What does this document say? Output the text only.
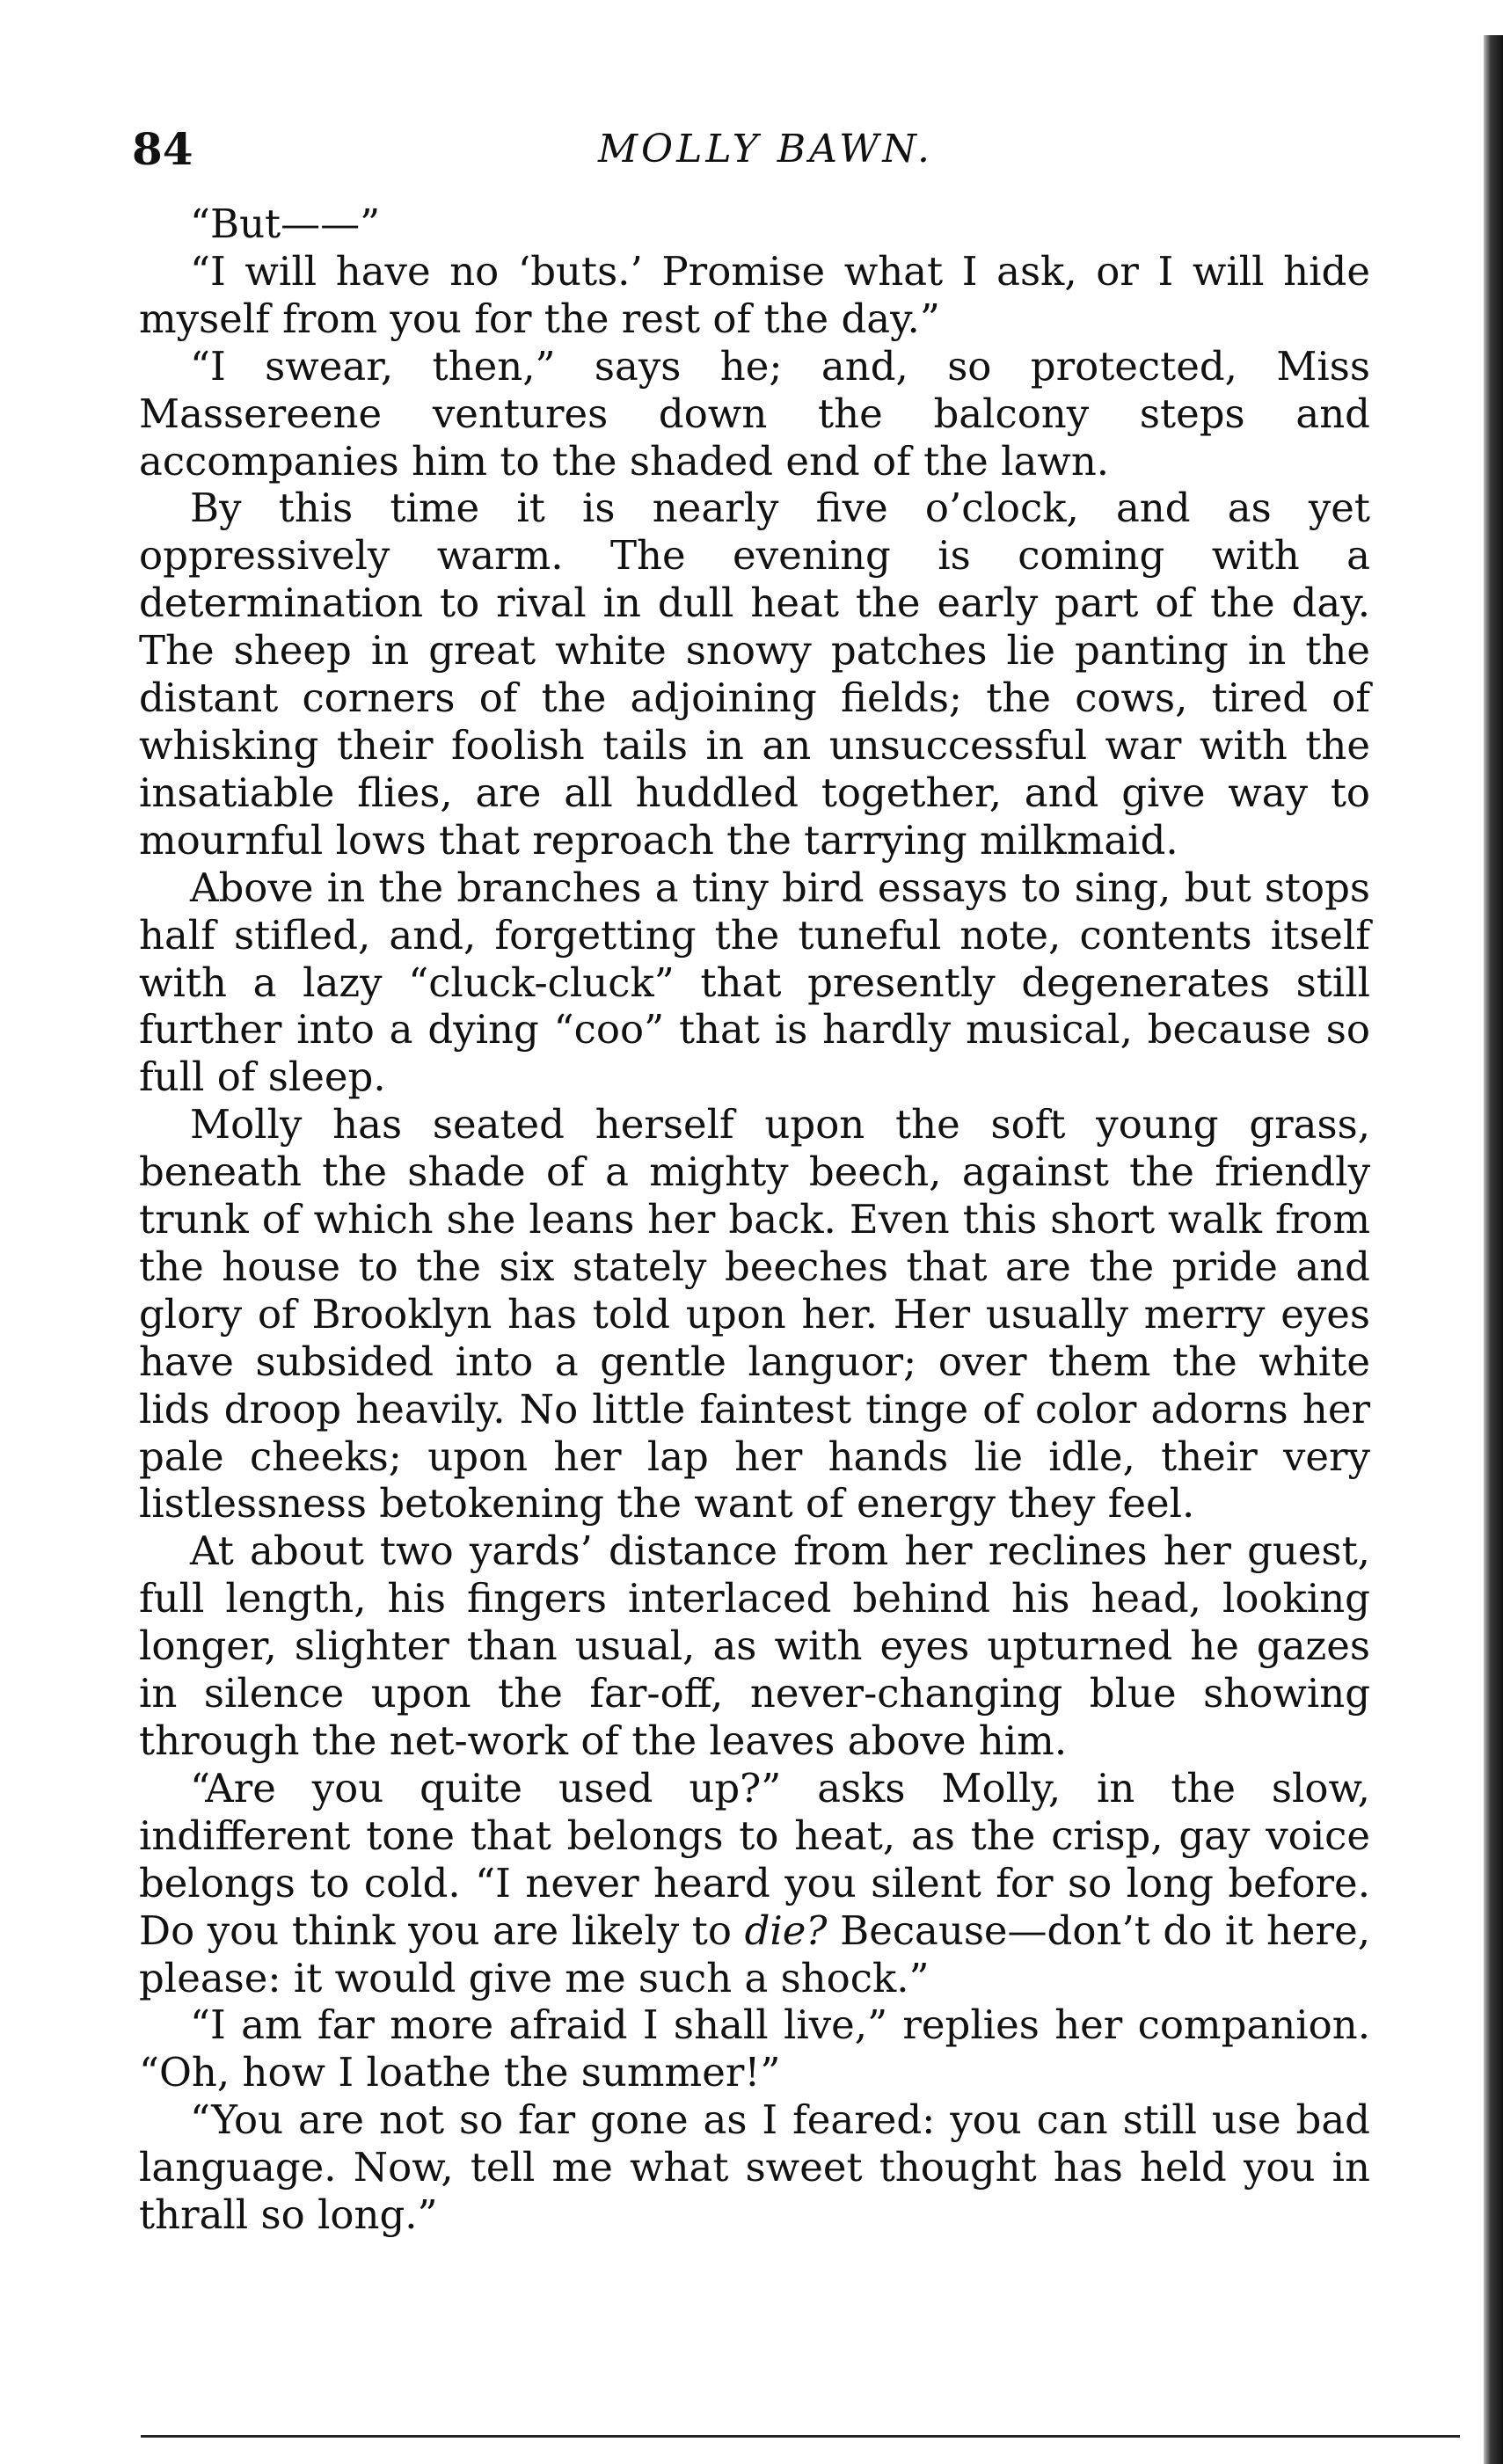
84	MOLLY BAWN.

“But——”

“I will have no ‘buts.’ Promise what I ask, or I will hide myself from you for the rest of the day.”

“I swear, then,” says he; and, so protected, Miss Massereene ventures down the balcony steps and accompanies him to the shaded end of the lawn.

By this time it is nearly five o’clock, and as yet oppressively warm. The evening is coming with a determination to rival in dull heat the early part of the day. The sheep in great white snowy patches lie panting in the distant corners of the adjoining fields; the cows, tired of whisking their foolish tails in an unsuccessful war with the insatiable flies, are all huddled together, and give way to mournful lows that reproach the tarrying milkmaid.

Above in the branches a tiny bird essays to sing, but stops half stifled, and, forgetting the tuneful note, contents itself with a lazy “cluck-cluck” that presently degenerates still further into a dying “coo” that is hardly musical, because so full of sleep.

Molly has seated herself upon the soft young grass, beneath the shade of a mighty beech, against the friendly trunk of which she leans her back. Even this short walk from the house to the six stately beeches that are the pride and glory of Brooklyn has told upon her. Her usually merry eyes have subsided into a gentle languor; over them the white lids droop heavily. No little faintest tinge of color adorns her pale cheeks; upon her lap her hands lie idle, their very listlessness betokening the want of energy they feel.

At about two yards’ distance from her reclines her guest, full length, his fingers interlaced behind his head, looking longer, slighter than usual, as with eyes upturned he gazes in silence upon the far-off, never-changing blue showing through the net-work of the leaves above him.

“Are you quite used up?” asks Molly, in the slow, indifferent tone that belongs to heat, as the crisp, gay voice belongs to cold. “I never heard you silent for so long before. Do you think you are likely to die? Because—don’t do it here, please: it would give me such a shock.”

“I am far more afraid I shall live,” replies her companion. “Oh, how I loathe the summer!”

“You are not so far gone as I feared: you can still use bad language. Now, tell me what sweet thought has held you in thrall so long.”
